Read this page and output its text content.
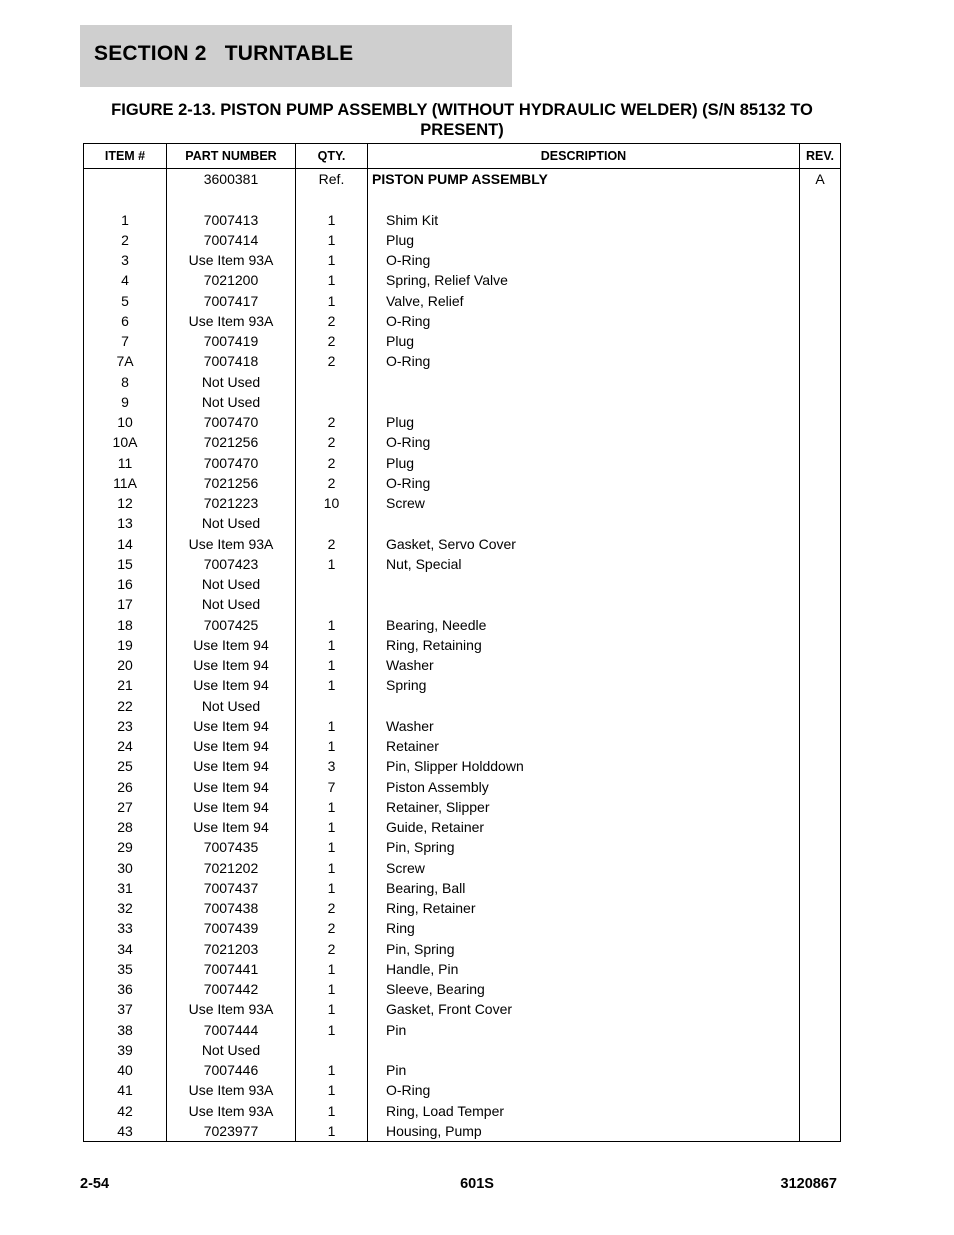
SECTION 2   TURNTABLE
FIGURE 2-13. PISTON PUMP ASSEMBLY (WITHOUT HYDRAULIC WELDER) (S/N 85132 TO PRESENT)
ITEM #	PART NUMBER	QTY.	DESCRIPTION	REV.
	3600381	Ref.	PISTON PUMP ASSEMBLY	A

1	7007413	1	Shim Kit	
2	7007414	1	Plug	
3	Use Item 93A	1	O-Ring	
4	7021200	1	Spring, Relief Valve	
5	7007417	1	Valve, Relief	
6	Use Item 93A	2	O-Ring	
7	7007419	2	Plug	
7A	7007418	2	O-Ring	
8	Not Used			
9	Not Used			
10	7007470	2	Plug	
10A	7021256	2	O-Ring	
11	7007470	2	Plug	
11A	7021256	2	O-Ring	
12	7021223	10	Screw	
13	Not Used			
14	Use Item 93A	2	Gasket, Servo Cover	
15	7007423	1	Nut, Special	
16	Not Used			
17	Not Used			
18	7007425	1	Bearing, Needle	
19	Use Item 94	1	Ring, Retaining	
20	Use Item 94	1	Washer	
21	Use Item 94	1	Spring	
22	Not Used			
23	Use Item 94	1	Washer	
24	Use Item 94	1	Retainer	
25	Use Item 94	3	Pin, Slipper Holddown	
26	Use Item 94	7	Piston Assembly	
27	Use Item 94	1	Retainer, Slipper	
28	Use Item 94	1	Guide, Retainer	
29	7007435	1	Pin, Spring	
30	7021202	1	Screw	
31	7007437	1	Bearing, Ball	
32	7007438	2	Ring, Retainer	
33	7007439	2	Ring	
34	7021203	2	Pin, Spring	
35	7007441	1	Handle, Pin	
36	7007442	1	Sleeve, Bearing	
37	Use Item 93A	1	Gasket, Front Cover	
38	7007444	1	Pin	
39	Not Used			
40	7007446	1	Pin	
41	Use Item 93A	1	O-Ring	
42	Use Item 93A	1	Ring, Load Temper	
43	7023977	1	Housing, Pump	
2-54	601S	3120867
